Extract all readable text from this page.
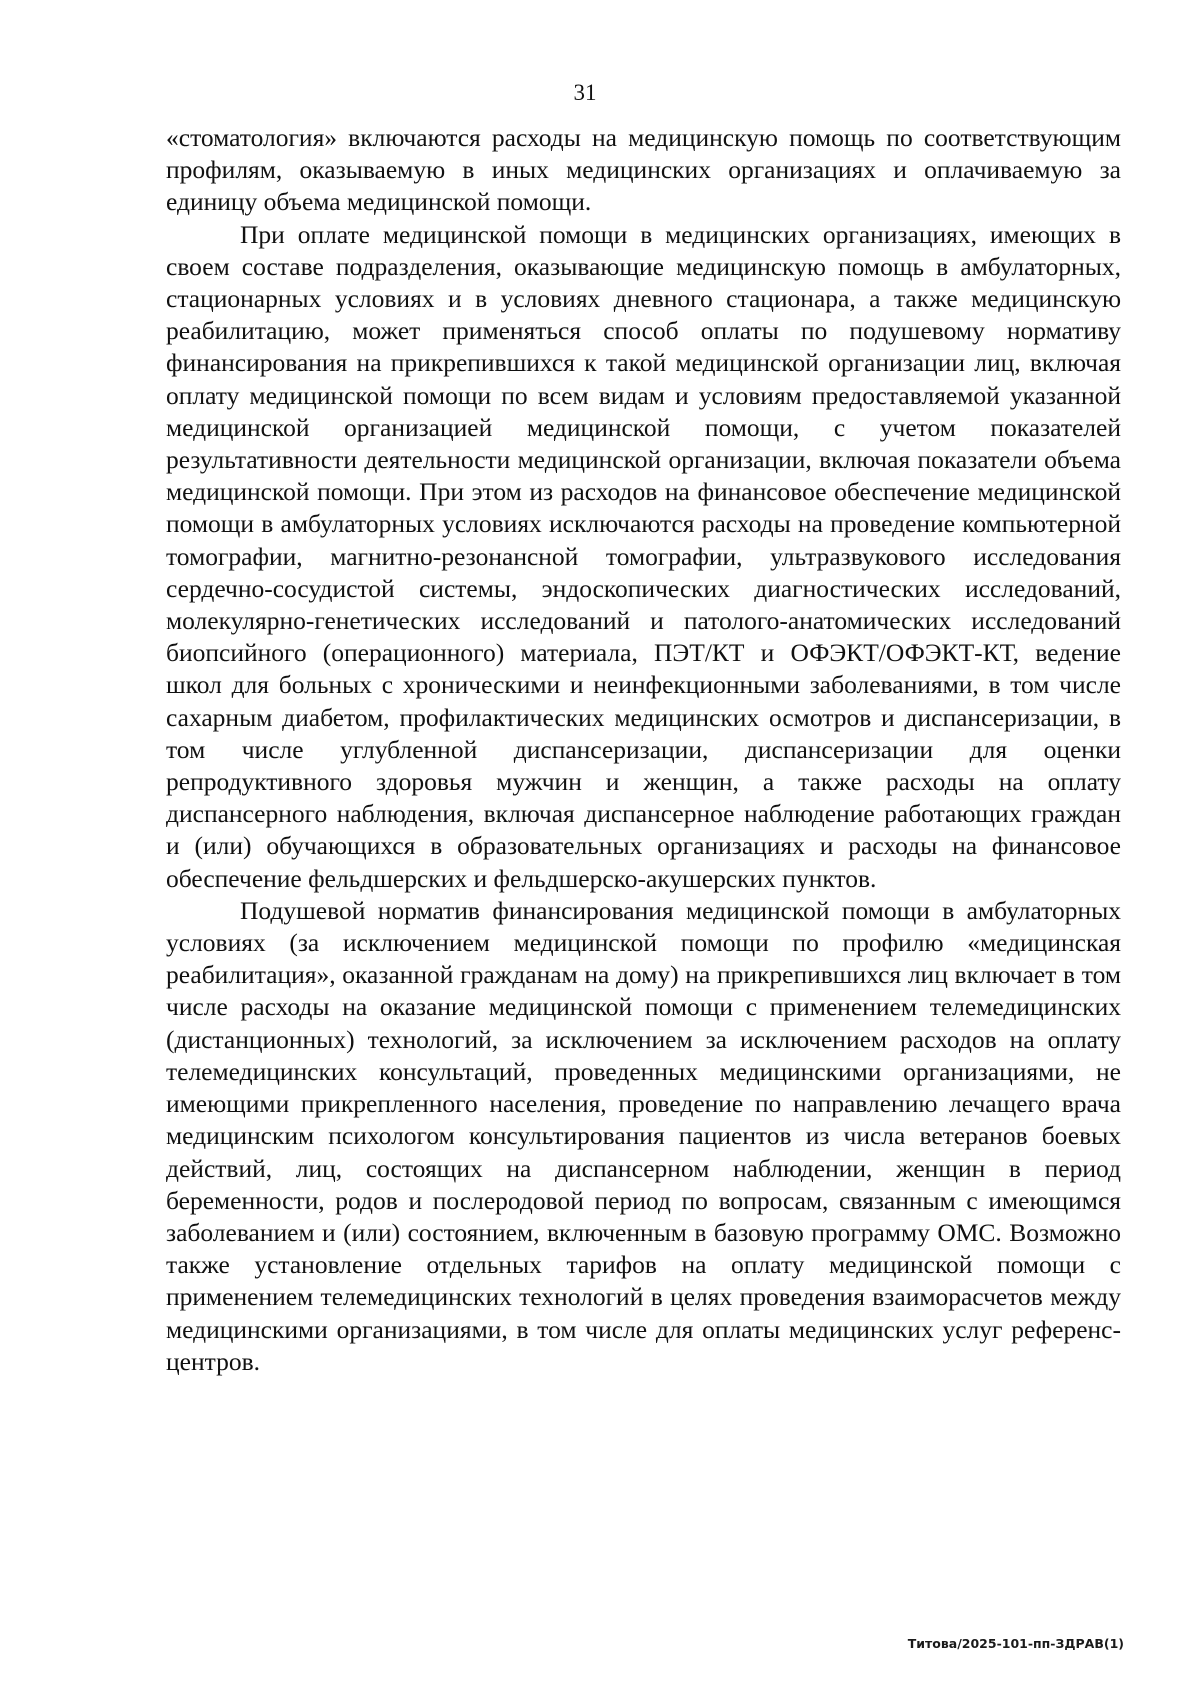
31

«стоматология» включаются расходы на медицинскую помощь по соответствующим профилям, оказываемую в иных медицинских организациях и оплачиваемую за единицу объема медицинской помощи.

При оплате медицинской помощи в медицинских организациях, имеющих в своем составе подразделения, оказывающие медицинскую помощь в амбулаторных, стационарных условиях и в условиях дневного стационара, а также медицинскую реабилитацию, может применяться способ оплаты по подушевому нормативу финансирования на прикрепившихся к такой медицинской организации лиц, включая оплату медицинской помощи по всем видам и условиям предоставляемой указанной медицинской организацией медицинской помощи, с учетом показателей результативности деятельности медицинской организации, включая показатели объема медицинской помощи. При этом из расходов на финансовое обеспечение медицинской помощи в амбулаторных условиях исключаются расходы на проведение компьютерной томографии, магнитно-резонансной томографии, ультразвукового исследования сердечно-сосудистой системы, эндоскопических диагностических исследований, молекулярно-генетических исследований и патолого-анатомических исследований биопсийного (операционного) материала, ПЭТ/КТ и ОФЭКТ/ОФЭКТ-КТ, ведение школ для больных с хроническими и неинфекционными заболеваниями, в том числе сахарным диабетом, профилактических медицинских осмотров и диспансеризации, в том числе углубленной диспансеризации, диспансеризации для оценки репродуктивного здоровья мужчин и женщин, а также расходы на оплату диспансерного наблюдения, включая диспансерное наблюдение работающих граждан и (или) обучающихся в образовательных организациях и расходы на финансовое обеспечение фельдшерских и фельдшерско-акушерских пунктов.

Подушевой норматив финансирования медицинской помощи в амбулаторных условиях (за исключением медицинской помощи по профилю «медицинская реабилитация», оказанной гражданам на дому) на прикрепившихся лиц включает в том числе расходы на оказание медицинской помощи с применением телемедицинских (дистанционных) технологий, за исключением за исключением расходов на оплату телемедицинских консультаций, проведенных медицинскими организациями, не имеющими прикрепленного населения, проведение по направлению лечащего врача медицинским психологом консультирования пациентов из числа ветеранов боевых действий, лиц, состоящих на диспансерном наблюдении, женщин в период беременности, родов и послеродовой период по вопросам, связанным с имеющимся заболеванием и (или) состоянием, включенным в базовую программу ОМС. Возможно также установление отдельных тарифов на оплату медицинской помощи с применением телемедицинских технологий в целях проведения взаиморасчетов между медицинскими организациями, в том числе для оплаты медицинских услуг референс-центров.

Титова/2025-101-пп-ЗДРАВ(1)
